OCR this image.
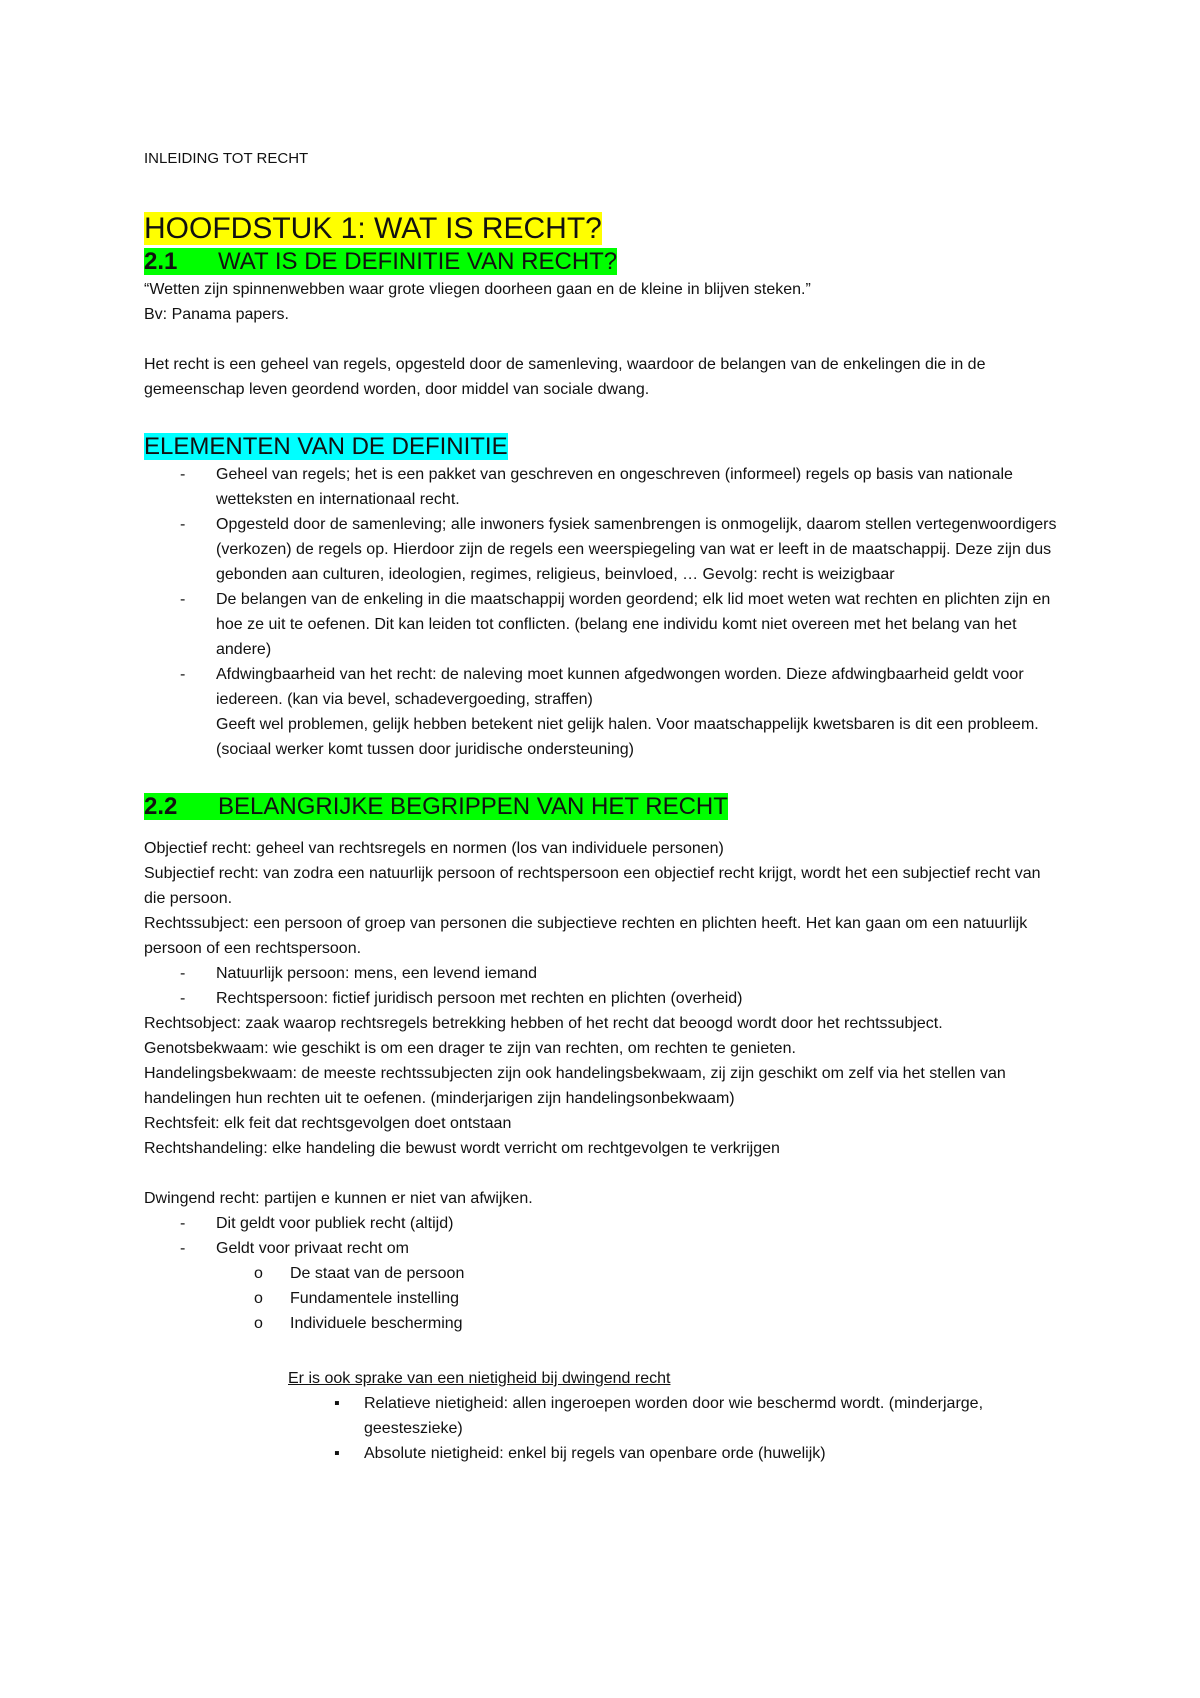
INLEIDING TOT RECHT

HOOFDSTUK 1: WAT IS RECHT?
2.1 WAT IS DE DEFINITIE VAN RECHT?

“Wetten zijn spinnenwebben waar grote vliegen doorheen gaan en de kleine in blijven steken.”

Bv: Panama papers.

Het recht is een geheel van regels, opgesteld door de samenleving, waardoor de belangen van de enkelingen die in de gemeenschap leven geordend worden, door middel van sociale dwang.

ELEMENTEN VAN DE DEFINITIE
- Geheel van regels; het is een pakket van geschreven en ongeschreven (informeel) regels op basis van nationale wetteksten en internationaal recht.
- Opgesteld door de samenleving; alle inwoners fysiek samenbrengen is onmogelijk, daarom stellen vertegenwoordigers (verkozen) de regels op. Hierdoor zijn de regels een weerspiegeling van wat er leeft in de maatschappij. Deze zijn dus gebonden aan culturen, ideologien, regimes, religieus, beinvloed, … Gevolg: recht is weizigbaar
- De belangen van de enkeling in die maatschappij worden geordend; elk lid moet weten wat rechten en plichten zijn en hoe ze uit te oefenen. Dit kan leiden tot conflicten. (belang ene individu komt niet overeen met het belang van het andere)
- Afdwingbaarheid van het recht: de naleving moet kunnen afgedwongen worden. Dieze afdwingbaarheid geldt voor iedereen. (kan via bevel, schadevergoeding, straffen)
Geeft wel problemen, gelijk hebben betekent niet gelijk halen. Voor maatschappelijk kwetsbaren is dit een probleem. (sociaal werker komt tussen door juridische ondersteuning)
2.2 BELANGRIJKE BEGRIPPEN VAN HET RECHT

Objectief recht: geheel van rechtsregels en normen (los van individuele personen)

Subjectief recht: van zodra een natuurlijk persoon of rechtspersoon een objectief recht krijgt, wordt het een subjectief recht van die persoon.

Rechtssubject: een persoon of groep van personen die subjectieve rechten en plichten heeft. Het kan gaan om een natuurlijk persoon of een rechtspersoon.

- Natuurlijk persoon: mens, een levend iemand
- Rechtspersoon: fictief juridisch persoon met rechten en plichten (overheid)

Rechtsobject: zaak waarop rechtsregels betrekking hebben of het recht dat beoogd wordt door het rechtssubject.

Genotsbekwaam: wie geschikt is om een drager te zijn van rechten, om rechten te genieten.

Handelingsbekwaam: de meeste rechtssubjecten zijn ook handelingsbekwaam, zij zijn geschikt om zelf via het stellen van handelingen hun rechten uit te oefenen. (minderjarigen zijn handelingsonbekwaam)

Rechtsfeit: elk feit dat rechtsgevolgen doet ontstaan

Rechtshandeling: elke handeling die bewust wordt verricht om rechtgevolgen te verkrijgen

Dwingend recht: partijen e kunnen er niet van afwijken.

- Dit geldt voor publiek recht (altijd)
- Geldt voor privaat recht om
o De staat van de persoon
o Fundamentele instelling
o Individuele bescherming

Er is ook sprake van een nietigheid bij dwingend recht

▪ Relatieve nietigheid: allen ingeroepen worden door wie beschermd wordt. (minderjarge, geesteszieke)
▪ Absolute nietigheid: enkel bij regels van openbare orde (huwelijk)
